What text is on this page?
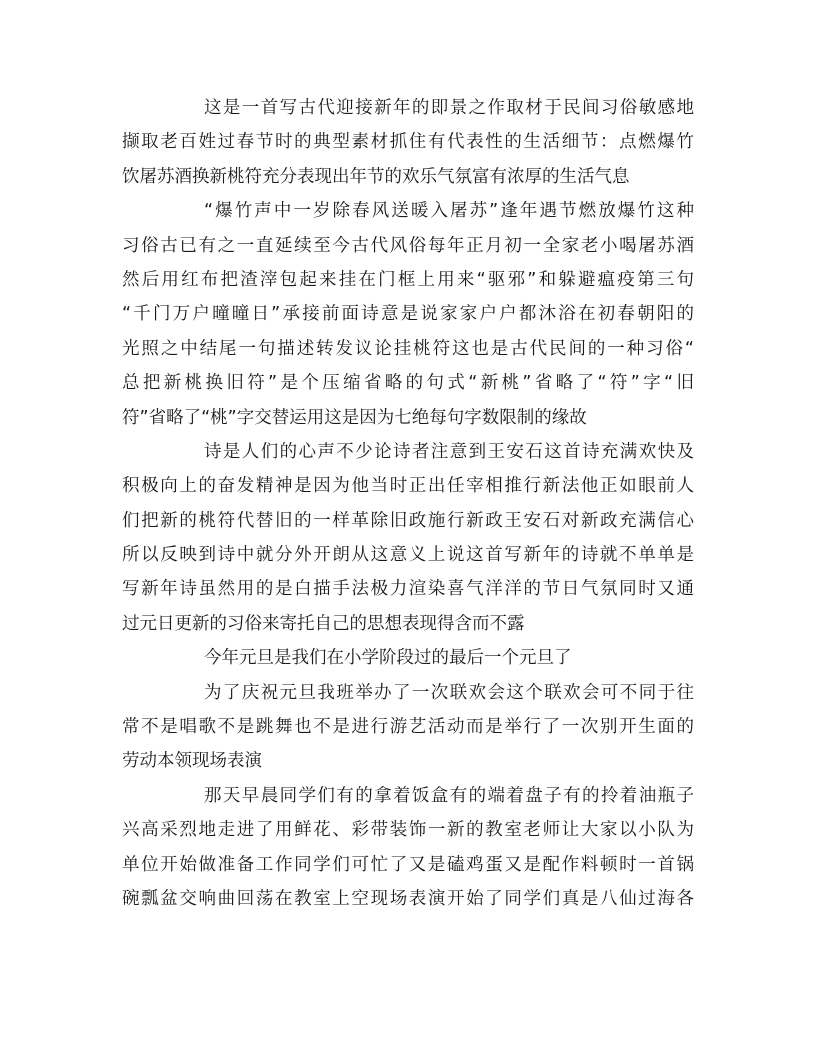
这是一首写古代迎接新年的即景之作取材于民间习俗敏感地
撷取老百姓过春节时的典型素材抓住有代表性的生活细节：点燃爆竹
饮屠苏酒换新桃符充分表现出年节的欢乐气氛富有浓厚的生活气息
“爆竹声中一岁除春风送暖入屠苏”逢年遇节燃放爆竹这种
习俗古已有之一直延续至今古代风俗每年正月初一全家老小喝屠苏酒
然后用红布把渣滓包起来挂在门框上用来“驱邪”和躲避瘟疫第三句
“千门万户曈曈日”承接前面诗意是说家家户户都沐浴在初春朝阳的
光照之中结尾一句描述转发议论挂桃符这也是古代民间的一种习俗“
总把新桃换旧符”是个压缩省略的句式“新桃”省略了“符”字“旧
符”省略了“桃”字交替运用这是因为七绝每句字数限制的缘故
诗是人们的心声不少论诗者注意到王安石这首诗充满欢快及
积极向上的奋发精神是因为他当时正出任宰相推行新法他正如眼前人
们把新的桃符代替旧的一样革除旧政施行新政王安石对新政充满信心
所以反映到诗中就分外开朗从这意义上说这首写新年的诗就不单单是
写新年诗虽然用的是白描手法极力渲染喜气洋洋的节日气氛同时又通
过元日更新的习俗来寄托自己的思想表现得含而不露
今年元旦是我们在小学阶段过的最后一个元旦了
为了庆祝元旦我班举办了一次联欢会这个联欢会可不同于往
常不是唱歌不是跳舞也不是进行游艺活动而是举行了一次别开生面的
劳动本领现场表演
那天早晨同学们有的拿着饭盒有的端着盘子有的拎着油瓶子
兴高采烈地走进了用鲜花、彩带装饰一新的教室老师让大家以小队为
单位开始做准备工作同学们可忙了又是磕鸡蛋又是配作料顿时一首锅
碗瓢盆交响曲回荡在教室上空现场表演开始了同学们真是八仙过海各
